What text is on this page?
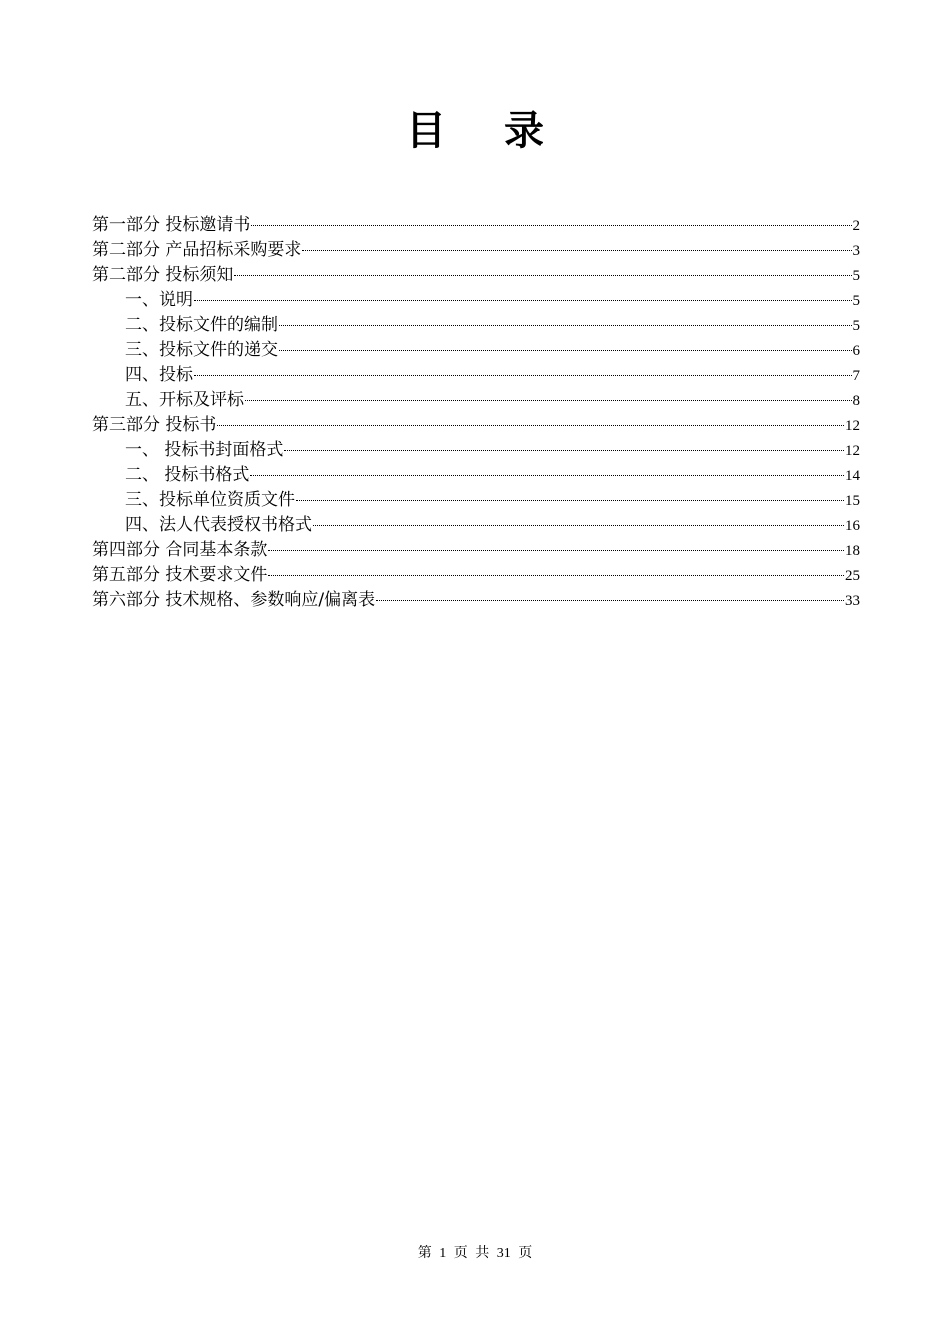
目 录
第一部分 投标邀请书	2
第二部分 产品招标采购要求	3
第二部分 投标须知	5
一、说明	5
二、投标文件的编制	5
三、投标文件的递交	6
四、投标	7
五、开标及评标	8
第三部分 投标书	12
一、 投标书封面格式	12
二、 投标书格式	14
三、投标单位资质文件	15
四、法人代表授权书格式	16
第四部分 合同基本条款	18
第五部分 技术要求文件	25
第六部分 技术规格、参数响应/偏离表	33
第 1 页 共 31 页
